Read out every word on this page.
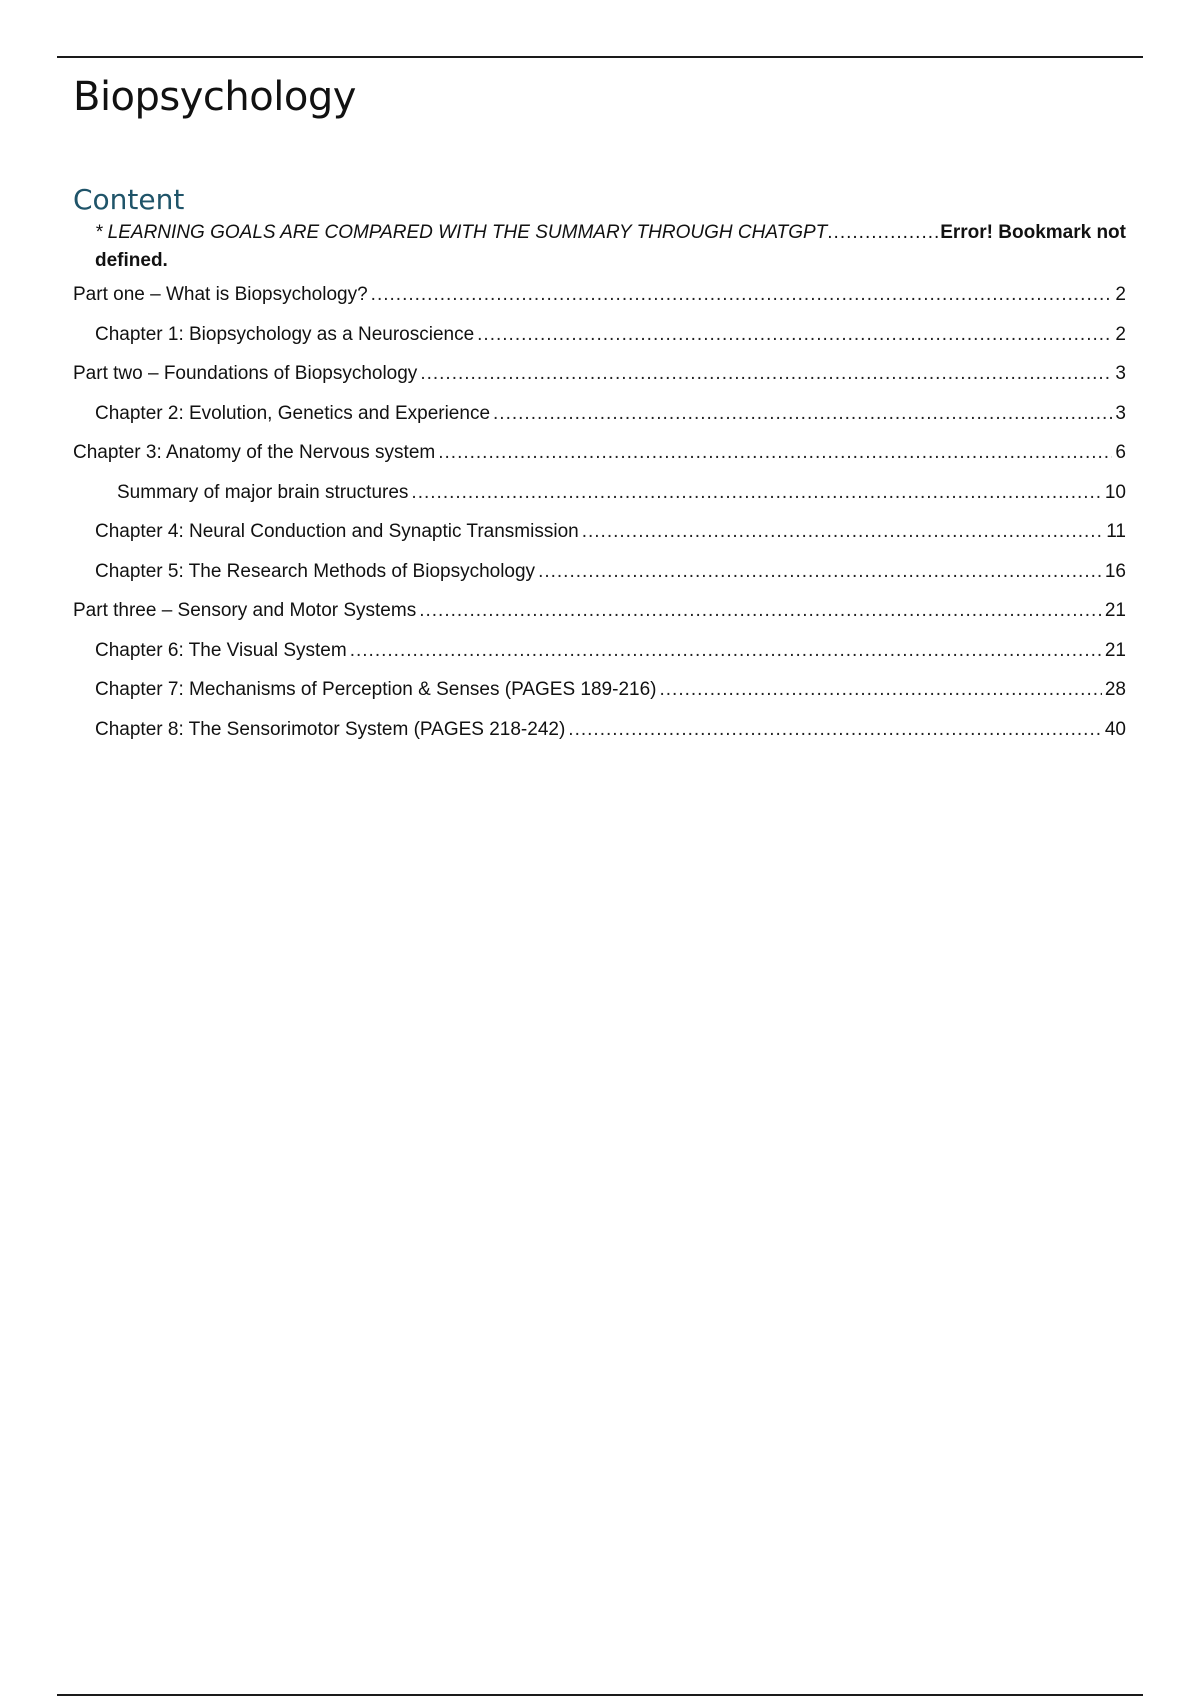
Biopsychology
Content
* LEARNING GOALS ARE COMPARED WITH THE SUMMARY THROUGH CHATGPT .....	Error! Bookmark not
defined.
Part one – What is Biopsychology? .....	2
Chapter 1: Biopsychology as a Neuroscience .....	2
Part two – Foundations of Biopsychology .....	3
Chapter 2: Evolution, Genetics and Experience .....	3
Chapter 3: Anatomy of the Nervous system .....	6
Summary of major brain structures .....	10
Chapter 4: Neural Conduction and Synaptic Transmission .....	11
Chapter 5: The Research Methods of Biopsychology .....	16
Part three – Sensory and Motor Systems .....	21
Chapter 6: The Visual System .....	21
Chapter 7: Mechanisms of Perception & Senses (PAGES 189-216) .....	28
Chapter 8: The Sensorimotor System (PAGES 218-242) .....	40
